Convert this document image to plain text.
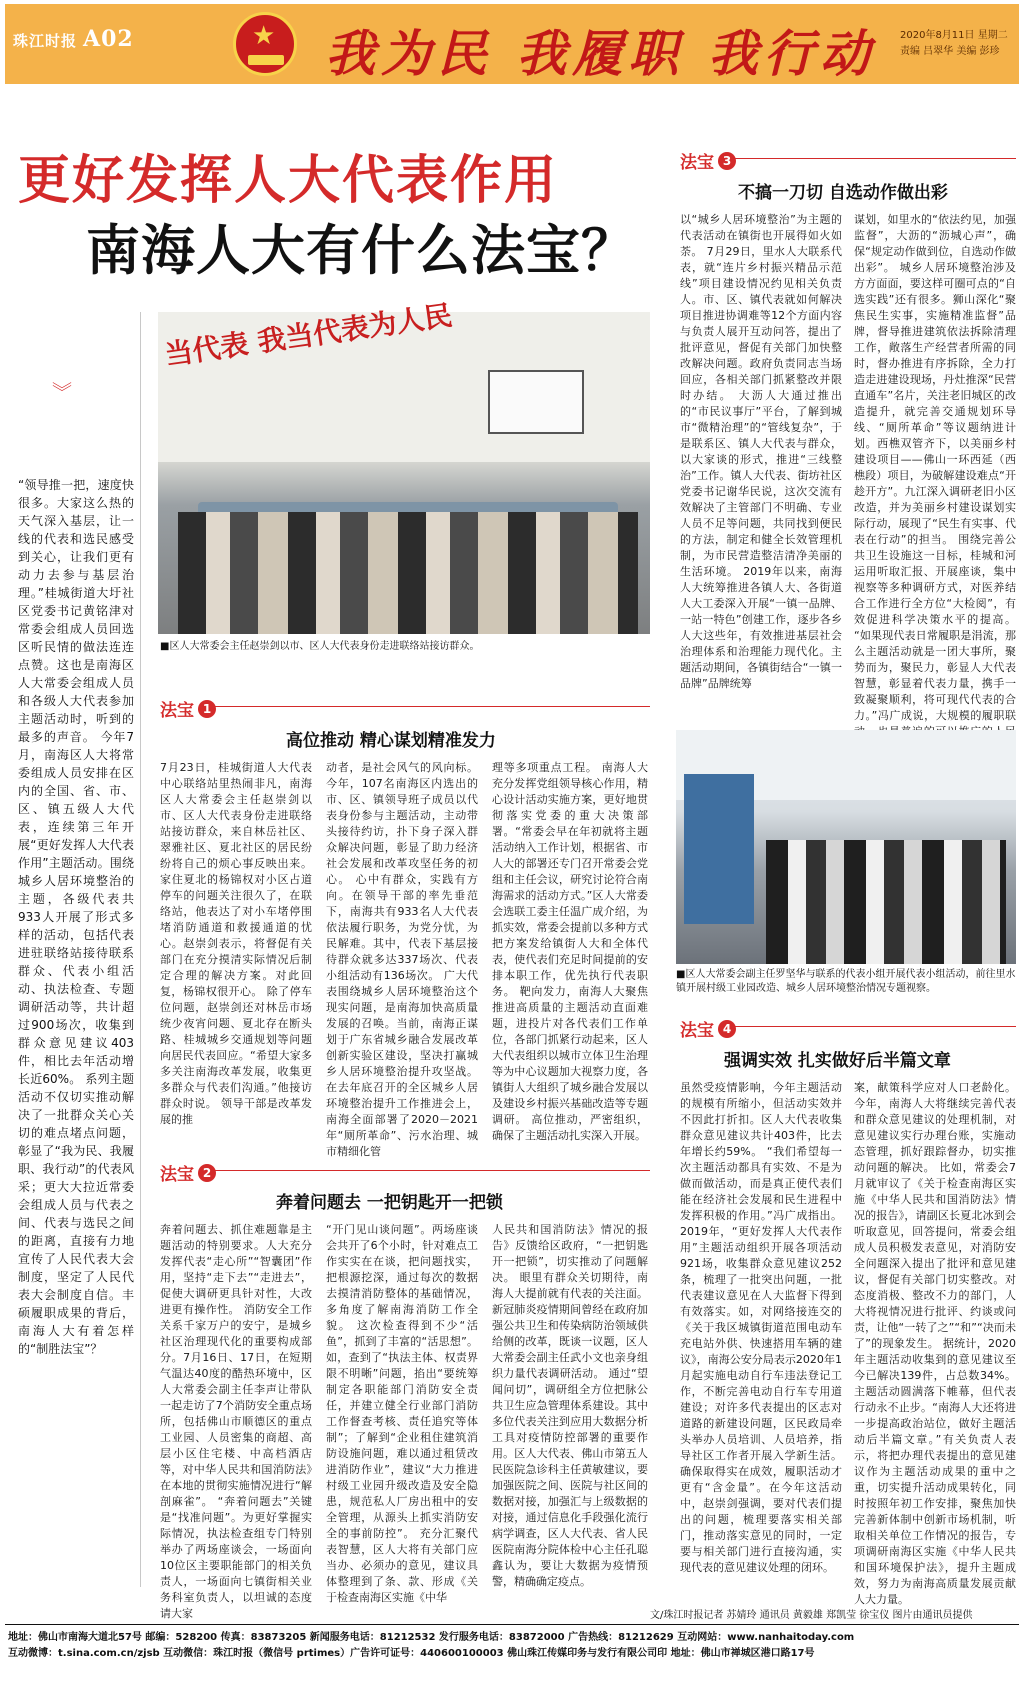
珠江时报 A02	★ 我为民 我履职 我行动 2020年8月11日 星期二
责编 吕翠华 美编 彭珍
更好发挥人大代表作用
南海人大有什么法宝？
当代表 我当代表为人民
■区人大常委会主任赵崇剑以市、区人大代表身份走进联络站接访群众。
︾
“领导推一把，速度快很多。大家这么热的天气深入基层，让一线的代表和选民感受到关心，让我们更有动力去参与基层治理。”桂城街道大圩社区党委书记黄铭津对常委会组成人员回选区听民情的做法连连点赞。这也是南海区人大常委会组成人员和各级人大代表参加主题活动时，听到的最多的声音。 今年7月，南海区人大将常委组成人员安排在区内的全国、省、市、区、镇五级人大代表，连续第三年开展“更好发挥人大代表作用”主题活动。围绕城乡人居环境整治的主题，各级代表共933人开展了形式多样的活动，包括代表进驻联络站接待联系群众、代表小组活动、执法检查、专题调研活动等，共计超过900场次，收集到群众意见建议403件，相比去年活动增长近60%。 系列主题活动不仅切实推动解决了一批群众关心关切的难点堵点问题，彰显了“我为民、我履职、我行动”的代表风采；更大大拉近常委会组成人员与代表之间、代表与选民之间的距离，直接有力地宣传了人民代表大会制度，坚定了人民代表大会制度自信。丰硕履职成果的背后，南海人大有着怎样的“制胜法宝”？
法宝 1
高位推动 精心谋划精准发力
7月23日，桂城街道人大代表中心联络站里热闹非凡，南海区人大常委会主任赵崇剑以市、区人大代表身份走进联络站接访群众，来自林岳社区、翠雅社区、夏北社区的居民纷纷将自己的烦心事反映出来。 家住夏北的杨锦权对小区占道停车的问题关注很久了，在联络站，他表达了对小车堵停围堵消防通道和救援通道的忧心。赵崇剑表示，将督促有关部门在充分摸清实际情况后制定合理的解决方案。对此回复，杨锦权很开心。 除了停车位问题，赵崇剑还对林岳市场统少夜宵问题、夏北存在断头路、桂城城乡交通规划等问题向居民代表回应。“希望大家多多关注南海改革发展，收集更多群众与代表们沟通。”他接访群众时说。 领导干部是改革发展的推
动者，是社会风气的风向标。今年，107名南海区内选出的市、区、镇领导班子成员以代表身份参与主题活动，主动带头接待约访，扑下身子深入群众解决问题，彰显了助力经济社会发展和改革攻坚任务的初心。 心中有群众，实践有方向。在领导干部的率先垂范下，南海共有933名人大代表依法履行职务，为党分忧，为民解难。其中，代表下基层接待群众就多达337场次、代表小组活动有136场次。 广大代表围绕城乡人居环境整治这个现实问题，是南海加快高质量发展的召唤。当前，南海正谋划于广东省城乡融合发展改革创新实验区建设，坚决打赢城乡人居环境整治提升攻坚战。在去年底召开的全区城乡人居环境整治提升工作推进会上，南海全面部署了2020－2021年“厕所革命”、污水治理、城市精细化管
理等多项重点工程。 南海人大充分发挥党组领导核心作用，精心设计活动实施方案，更好地贯彻落实党委的重大决策部署。“常委会早在年初就将主题活动纳入工作计划，根据省、市人大的部署还专门召开常委会党组和主任会议，研究讨论符合南海需求的活动方式。”区人大常委会选联工委主任温广成介绍，为抓实效，常委会提前以多种方式把方案发给镇街人大和全体代表，使代表们充足时间提前的安排本职工作，优先执行代表职务。 靶向发力，南海人大聚焦推进高质量的主题活动直面难题，进投片对各代表们工作单位，各部门抓紧行动起来，区人大代表组织以城市立体卫生治理等为中心议题加大视察力度，各镇街人大组织了城乡融合发展以及建设乡村振兴基础改造等专题调研。 高位推动，严密组织，确保了主题活动扎实深入开展。
法宝 2
奔着问题去 一把钥匙开一把锁
奔着问题去、抓住难题靠是主题活动的特别要求。人大充分发挥代表“走心所”“智囊团”作用，坚持“走下去”“走进去”，促使大调研更具针对性，大改进更有操作性。 消防安全工作关系千家万户的安宁，是城乡社区治理现代化的重要构成部分。7月16日、17日，在短期气温达40度的酷热环境中，区人大常委会副主任李声让带队一起走访了7个消防安全重点场所，包括佛山市顺德区的重点工业园、人员密集的商超、高层小区住宅楼、中高档酒店等，对中华人民共和国消防法》在本地的贯彻实施情况进行“解剖麻雀”。 “奔着问题去”关键是“找准问题”。为更好掌握实际情况，执法检查组专门特别举办了两场座谈会，一场面向10位区主要职能部门的相关负责人，一场面向七镇街相关业务科室负责人，以坦诚的态度请大家
“开门见山谈问题”。两场座谈会共开了6个小时，针对难点工作实实在在谈，把问题找实，把根源挖深，通过每次的数据去摸清消防整体的基础情况，多角度了解南海消防工作全貌。 这次检查得到不少“活鱼”，抓到了丰富的“活思想”。如，查到了“执法主体、权责界限不明晰”问题，掐出“要统筹制定各职能部门消防安全责任，并建立健全行业部门消防工作督查考核、责任追究等体制”；了解到“企业租住建筑消防设施问题，难以通过租赁改进消防作业”，建议“大力推进村级工业园升级改造及安全隐患，规范私人厂房出租中的安全管理，从源头上抓实消防安全的事前防控”。 充分汇聚代表智慧，区人大将有关部门应当办、必须办的意见，建议具体整理到了条、款、形成《关于检查南海区实施《中华
人民共和国消防法》情况的报告》反馈给区政府，“一把钥匙开一把锁”，切实推动了问题解决。 眼里有群众关切期待，南海人大提前就有代表的关注面。新冠肺炎疫情期间曾经在政府加强公共卫生和传染病防治领域供给侧的改革，既谈一议题，区人大常委会副主任武小文也亲身组织力量代表调研活动。 通过“望闻问切”，调研组全方位把脉公共卫生应急管理体系建设。其中多位代表关注到应用大数据分析工具对疫情防控部署的重要作用。区人大代表、佛山市第五人民医院急诊科主任黄敏建议，要加强医院之间、医院与社区间的数据对接，加强汇与上级数据的对接，通过信息化手段强化流行病学调查，区人大代表、省人民医院南海分院体检中心主任孔聪鑫认为，要让大数据为疫情预警，精确确定疫点。
法宝 3
不搞一刀切 自选动作做出彩
以“城乡人居环境整治”为主题的代表活动在镇街也开展得如火如荼。 7月29日，里水人大联系代表，就“连片乡村振兴精品示范线”项目建设情况约见相关负责人。市、区、镇代表就如何解决项目推进协调难等12个方面内容与负责人展开互动问答，提出了批评意见，督促有关部门加快整改解决问题。政府负责同志当场回应，各相关部门抓紧整改并限时办结。 大沥人大通过推出的“市民议事厅”平台，了解到城市“微精治理”的“管线复杂”，于是联系区、镇人大代表与群众，以大家谈的形式，推进“三线整治”工作。镇人大代表、街坊社区党委书记谢华民说，这次交流有效解决了主管部门不明确、专业人员不足等问题，共同找到便民的方法，制定和健全长效管理机制，为市民营造整洁清净美丽的生活环境。 2019年以来，南海人大统筹推进各镇人大、各街道人大工委深入开展“一镇一品牌、一站一特色”创建工作，逐步各乡人大这些年，有效推进基层社会治理体系和治理能力现代化。主题活动期间，各镇街结合“一镇一品牌”品牌统筹
谋划，如里水的“依法约见，加强监督”，大沥的“沥城心声”，确保“规定动作做到位，自选动作做出彩”。 城乡人居环境整治涉及方方面面，要这样可圈可点的“自选实践”还有很多。狮山深化“聚焦民生实事，实施精准监督”品牌，督导推进建筑依法拆除清理工作，敞落生产经营者所需的同时，督办推进有序拆除，全力打造走进建设现场，丹灶推深“民营直通车”名片，关注老旧城区的改造提升，就完善交通规划环导线、“厕所革命”等议题纳进计划。西樵双管齐下，以美丽乡村建设项目——佛山一环西延（西樵段）项目，为破解建设难点“开趁开方”。九江深入调研老旧小区改造，并为美丽乡村建设谋划实际行动，展现了“民生有实事、代表在行动”的担当。 围绕完善公共卫生设施这一目标，桂城和河运用听取汇报、开展座谈，集中视察等多种调研方式，对医养结合工作进行全方位“大检阅”，有效促进科学决策水平的提高。 “如果现代表日常履职是涓流，那么主题活动就是一团大事所，聚势而为，聚民力，彰显人大代表智慧，彰显着代表力量，携手一致凝聚顺利，将可现代代表的合力。”冯广成说，大规模的履职联
■区人大常委会副主任罗坚华与联系的代表小组开展代表小组活动，前往里水镇开展村级工业园改造、城乡人居环境整治情况专题视察。
法宝 4
强调实效 扎实做好后半篇文章
虽然受疫情影响，今年主题活动的规模有所缩小，但活动实效并不因此打折扣。区人大代表收集群众意见建议共计403件，比去年增长约59%。 “我们希望每一次主题活动都具有实效、不是为做而做活动，而是真正使代表们能在经济社会发展和民生进程中发挥积极的作用。”冯广成指出。 2019年，“更好发挥人大代表作用”主题活动组织开展各项活动921场，收集群众意见建议252条，梳理了一批突出问题，一批代表建议意见在人大监督下得到有效落实。如，对网络接连交的《关于我区城镇街道范围电动车充电站外供、快速搭用车辆的建议》，南海公安分局表示2020年1月起实施电动自行车违法登记工作，不断完善电动自行车专用道建设；对许多代表提出的区志对道路的新建设问题，区民政局牵头举办人员培训、人员培养，指导社区工作者开展入学新生活。 确保取得实在成效，履职活动才更有“含金量”。在今年这活动中，赵崇剑强调，要对代表们提出的问题，梳理要落实相关部门，推动落实意见的同时，一定要与相关部门进行直接沟通，实现代表的意见建议处理的闭环。
案，献策科学应对人口老龄化。 今年，南海人大将继续完善代表和群众意见建议的处理机制，对意见建议实行办理台账，实施动态管理，抓好跟踪督办，切实推动问题的解决。 比如，常委会7月就审议了《关于检查南海区实施《中华人民共和国消防法》情况的报告》，请副区长夏北冰到会听取意见，回答提问，常委会组成人员积极发表意见，对消防安全问题深入提出了批评和意见建议，督促有关部门切实整改。对态度消极、整改不力的部门，人大将视情况进行批评、约谈或问责，让他“一转了之”“和”“决而未了”的现象发生。 据统计，2020年主题活动收集到的意见建议至今已解决139件，占总数34%。 主题活动圆满落下帷幕，但代表行动永不止步。“南海人大还将进一步提高政治站位，做好主题活动后半篇文章。”有关负责人表示，将把办理代表提出的意见建议作为主题活动成果的重中之重，切实提升活动成果转化，同时按照年初工作安排，聚焦加快完善新体制中创新市场机制，听取相关单位工作情况的报告，专项调研南海区实施《中华人民共和国环境保护法》，提升主题成效，努力为南海高质量发展贡献人大力量。
文/珠江时报记者 苏婧玲 通讯员 黄毅雄 郑凯莹 徐宝仪 图片由通讯员提供
地址：佛山市南海大道北57号 邮编：528200 传真：83873205 新闻服务电话：81212532 发行服务电话：83872000 广告热线：81212629 互动网站：www.nanhaitoday.com
互动微博：t.sina.com.cn/zjsb 互动微信：珠江时报（微信号 prtimes）广告许可证号：440600100003 佛山珠江传媒印务与发行有限公司印 地址：佛山市禅城区港口路17号
